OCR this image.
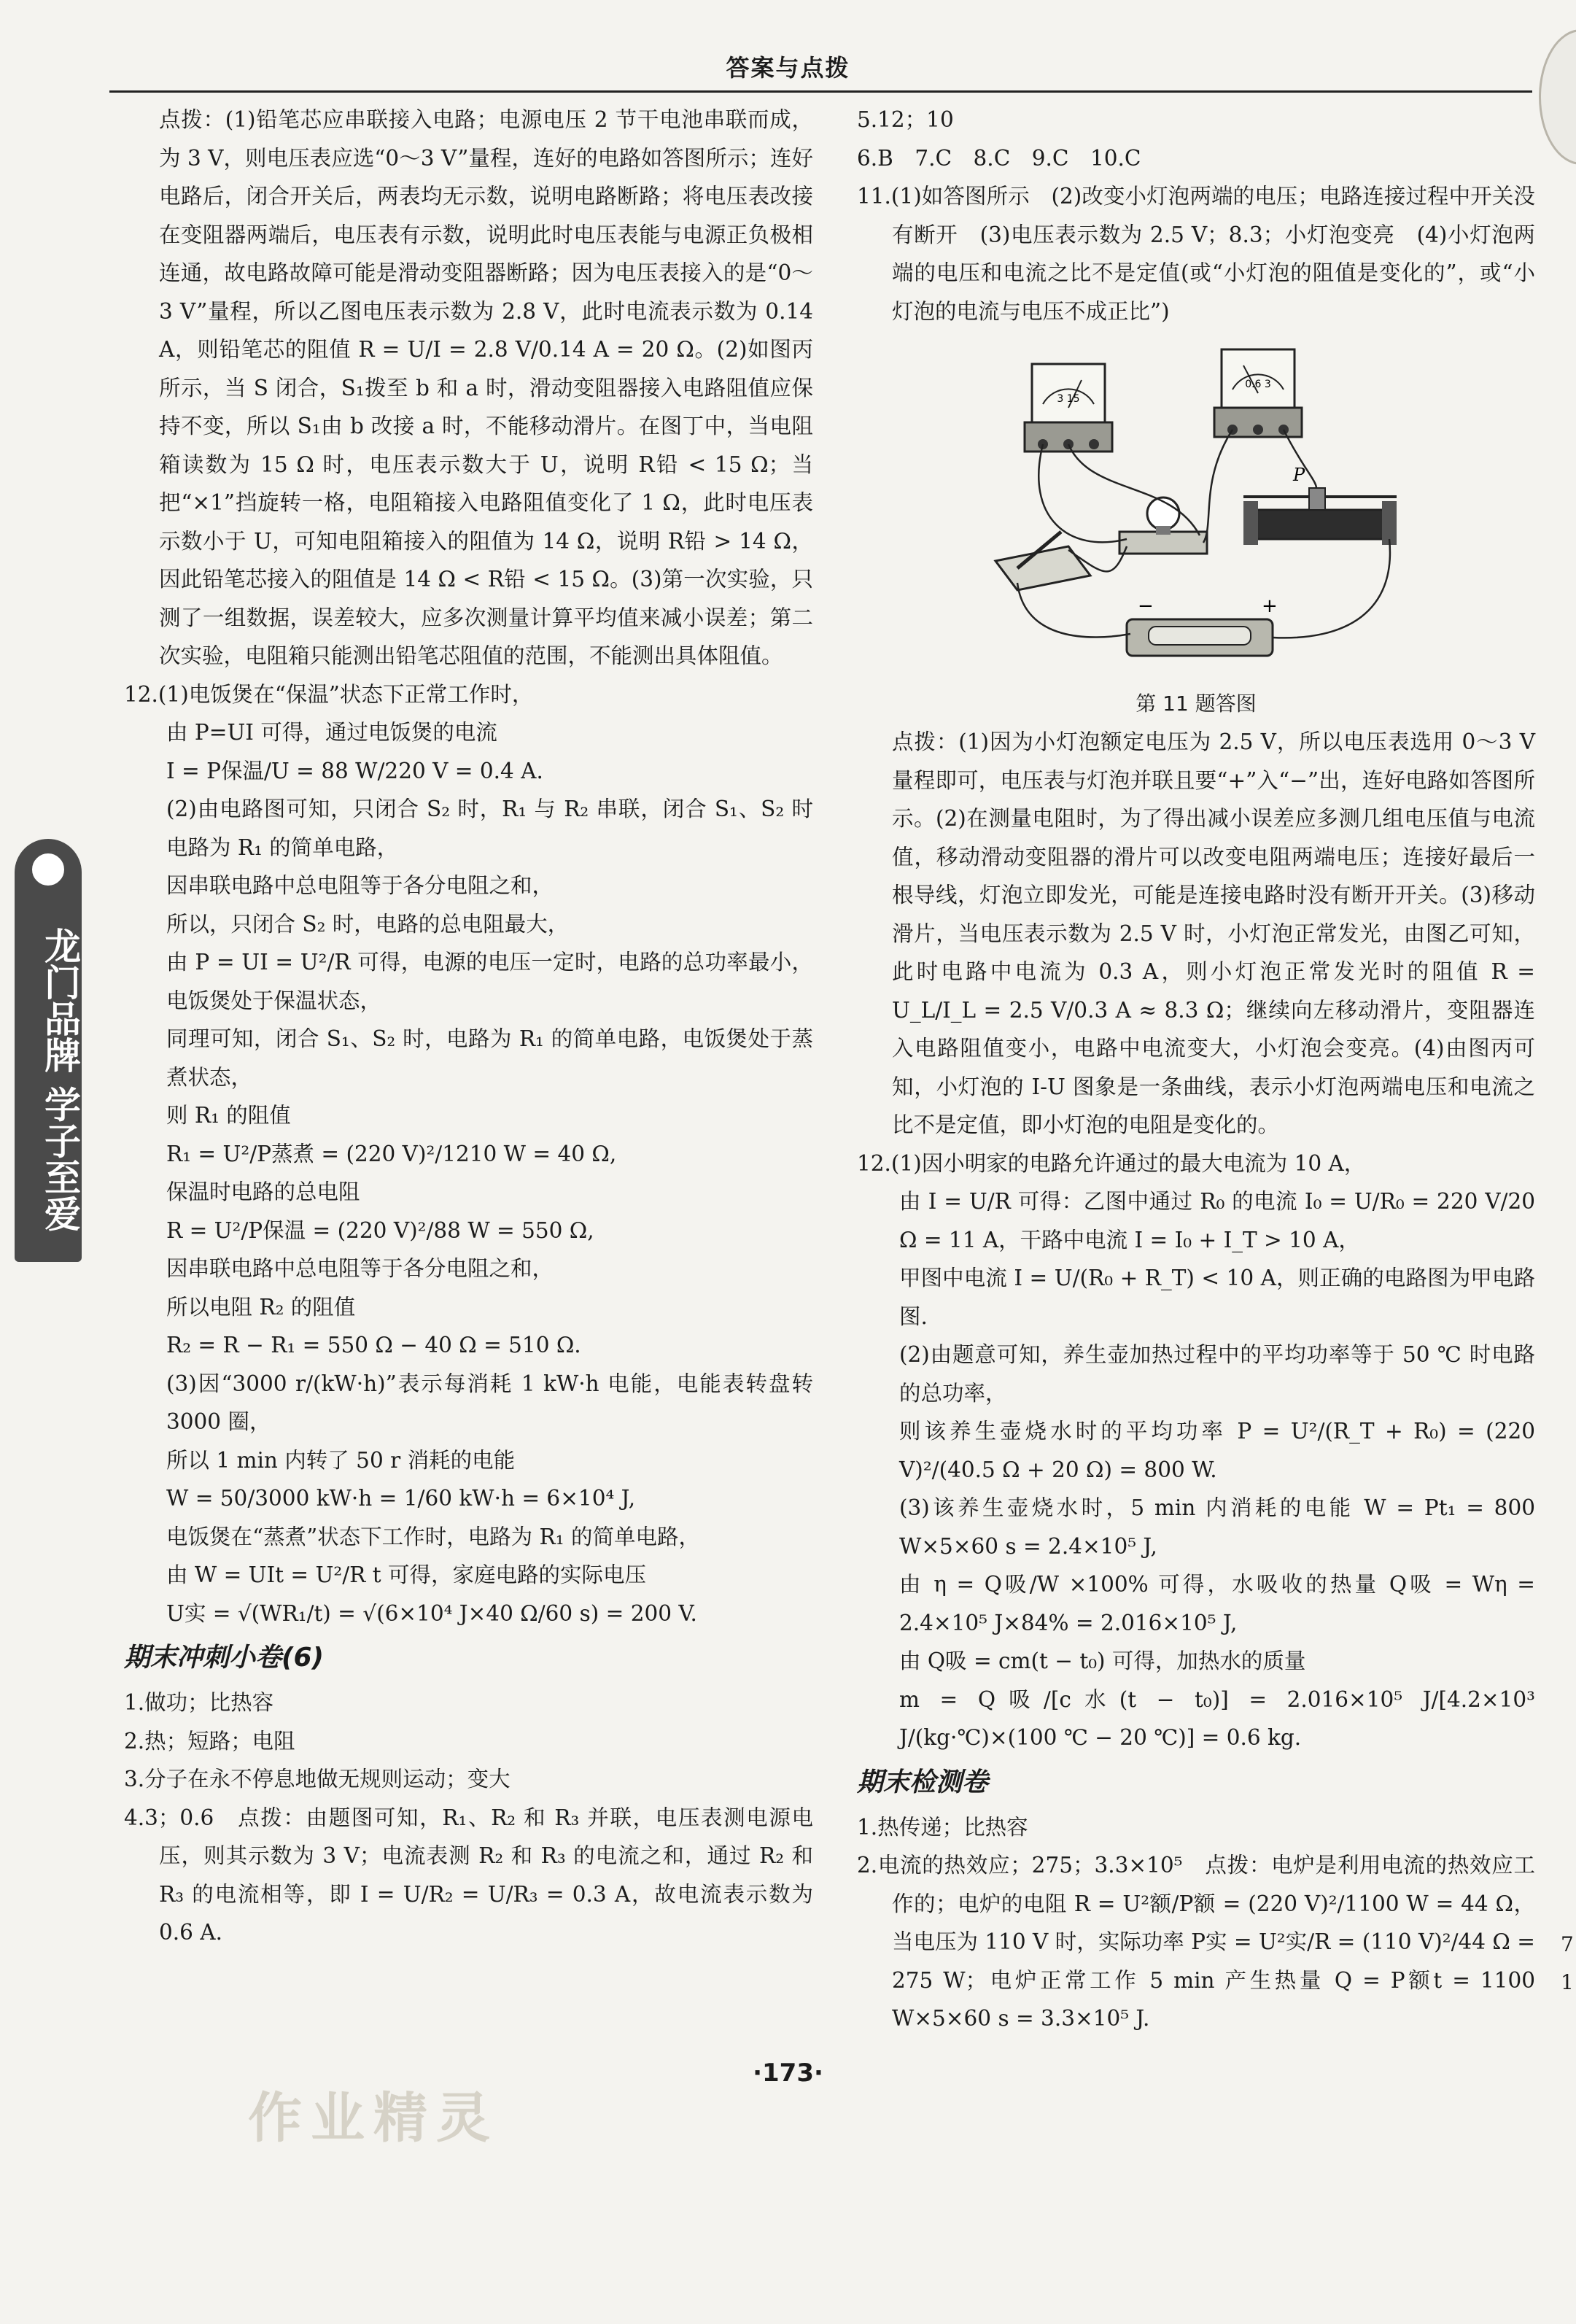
答案与点拨
龙门品牌 学子至爱

点拨：(1)铅笔芯应串联接入电路；电源电压 2 节干电池串联而成，为 3 V，则电压表应选“0～3 V”量程，连好的电路如答图所示；连好电路后，闭合开关后，两表均无示数，说明电路断路；将电压表改接在变阻器两端后，电压表有示数，说明此时电压表能与电源正负极相连通，故电路故障可能是滑动变阻器断路；因为电压表接入的是“0～3 V”量程，所以乙图电压表示数为 2.8 V，此时电流表示数为 0.14 A，则铅笔芯的阻值 R = U/I = 2.8 V/0.14 A = 20 Ω。(2)如图丙所示，当 S 闭合，S₁拨至 b 和 a 时，滑动变阻器接入电路阻值应保持不变，所以 S₁由 b 改接 a 时，不能移动滑片。在图丁中，当电阻箱读数为 15 Ω 时，电压表示数大于 U，说明 R铅 < 15 Ω；当把“×1”挡旋转一格，电阻箱接入电路阻值变化了 1 Ω，此时电压表示数小于 U，可知电阻箱接入的阻值为 14 Ω，说明 R铅 > 14 Ω，因此铅笔芯接入的阻值是 14 Ω < R铅 < 15 Ω。(3)第一次实验，只测了一组数据，误差较大，应多次测量计算平均值来减小误差；第二次实验，电阻箱只能测出铅笔芯阻值的范围，不能测出具体阻值。

12.(1)电饭煲在“保温”状态下正常工作时，

由 P=UI 可得，通过电饭煲的电流

I = P保温/U = 88 W/220 V = 0.4 A.

(2)由电路图可知，只闭合 S₂ 时，R₁ 与 R₂ 串联，闭合 S₁、S₂ 时电路为 R₁ 的简单电路，

因串联电路中总电阻等于各分电阻之和，

所以，只闭合 S₂ 时，电路的总电阻最大，

由 P = UI = U²/R 可得，电源的电压一定时，电路的总功率最小，电饭煲处于保温状态，

同理可知，闭合 S₁、S₂ 时，电路为 R₁ 的简单电路，电饭煲处于蒸煮状态，

则 R₁ 的阻值

R₁ = U²/P蒸煮 = (220 V)²/1210 W = 40 Ω,

保温时电路的总电阻

R = U²/P保温 = (220 V)²/88 W = 550 Ω,

因串联电路中总电阻等于各分电阻之和，

所以电阻 R₂ 的阻值

R₂ = R − R₁ = 550 Ω − 40 Ω = 510 Ω.

(3)因“3000 r/(kW·h)”表示每消耗 1 kW·h 电能，电能表转盘转 3000 圈，

所以 1 min 内转了 50 r 消耗的电能

W = 50/3000 kW·h = 1/60 kW·h = 6×10⁴ J,

电饭煲在“蒸煮”状态下工作时，电路为 R₁ 的简单电路，

由 W = UIt = U²/R t 可得，家庭电路的实际电压

U实 = √(WR₁/t) = √(6×10⁴ J×40 Ω/60 s) = 200 V.

期末冲刺小卷(6)

1.做功；比热容

2.热；短路；电阻

3.分子在永不停息地做无规则运动；变大

4.3；0.6　点拨：由题图可知，R₁、R₂ 和 R₃ 并联，电压表测电源电压，则其示数为 3 V；电流表测 R₂ 和 R₃ 的电流之和，通过 R₂ 和 R₃ 的电流相等，即 I = U/R₂ = U/R₃ = 0.3 A，故电流表示数为 0.6 A.

5.12；10

6.B　7.C　8.C　9.C　10.C

11.(1)如答图所示　(2)改变小灯泡两端的电压；电路连接过程中开关没有断开　(3)电压表示数为 2.5 V；8.3；小灯泡变亮　(4)小灯泡两端的电压和电流之比不是定值(或“小灯泡的阻值是变化的”，或“小灯泡的电流与电压不成正比”)

3 15
0.6 3
P
−	+
第 11 题答图

点拨：(1)因为小灯泡额定电压为 2.5 V，所以电压表选用 0～3 V 量程即可，电压表与灯泡并联且要“+”入“−”出，连好电路如答图所示。(2)在测量电阻时，为了得出减小误差应多测几组电压值与电流值，移动滑动变阻器的滑片可以改变电阻两端电压；连接好最后一根导线，灯泡立即发光，可能是连接电路时没有断开开关。(3)移动滑片，当电压表示数为 2.5 V 时，小灯泡正常发光，由图乙可知，此时电路中电流为 0.3 A，则小灯泡正常发光时的阻值 R = U_L/I_L = 2.5 V/0.3 A ≈ 8.3 Ω；继续向左移动滑片，变阻器连入电路阻值变小，电路中电流变大，小灯泡会变亮。(4)由图丙可知，小灯泡的 I-U 图象是一条曲线，表示小灯泡两端电压和电流之比不是定值，即小灯泡的电阻是变化的。

12.(1)因小明家的电路允许通过的最大电流为 10 A，

由 I = U/R 可得：乙图中通过 R₀ 的电流 I₀ = U/R₀ = 220 V/20 Ω = 11 A，干路中电流 I = I₀ + I_T > 10 A，

甲图中电流 I = U/(R₀ + R_T) < 10 A，则正确的电路图为甲电路图.

(2)由题意可知，养生壶加热过程中的平均功率等于 50 ℃ 时电路的总功率，

则该养生壶烧水时的平均功率 P = U²/(R_T + R₀) = (220 V)²/(40.5 Ω + 20 Ω) = 800 W.

(3)该养生壶烧水时，5 min 内消耗的电能 W = Pt₁ = 800 W×5×60 s = 2.4×10⁵ J,

由 η = Q吸/W ×100% 可得，水吸收的热量 Q吸 = Wη = 2.4×10⁵ J×84% = 2.016×10⁵ J,

由 Q吸 = cm(t − t₀) 可得，加热水的质量

m = Q吸/[c水(t − t₀)] = 2.016×10⁵ J/[4.2×10³ J/(kg·℃)×(100 ℃ − 20 ℃)] = 0.6 kg.

期末检测卷

1.热传递；比热容

2.电流的热效应；275；3.3×10⁵　点拨：电炉是利用电流的热效应工作的；电炉的电阻 R = U²额/P额 = (220 V)²/1100 W = 44 Ω，当电压为 110 V 时，实际功率 P实 = U²实/R = (110 V)²/44 Ω = 275 W；电炉正常工作 5 min 产生热量 Q = P额t = 1100 W×5×60 s = 3.3×10⁵ J.

7
1
·173·
作业精灵
